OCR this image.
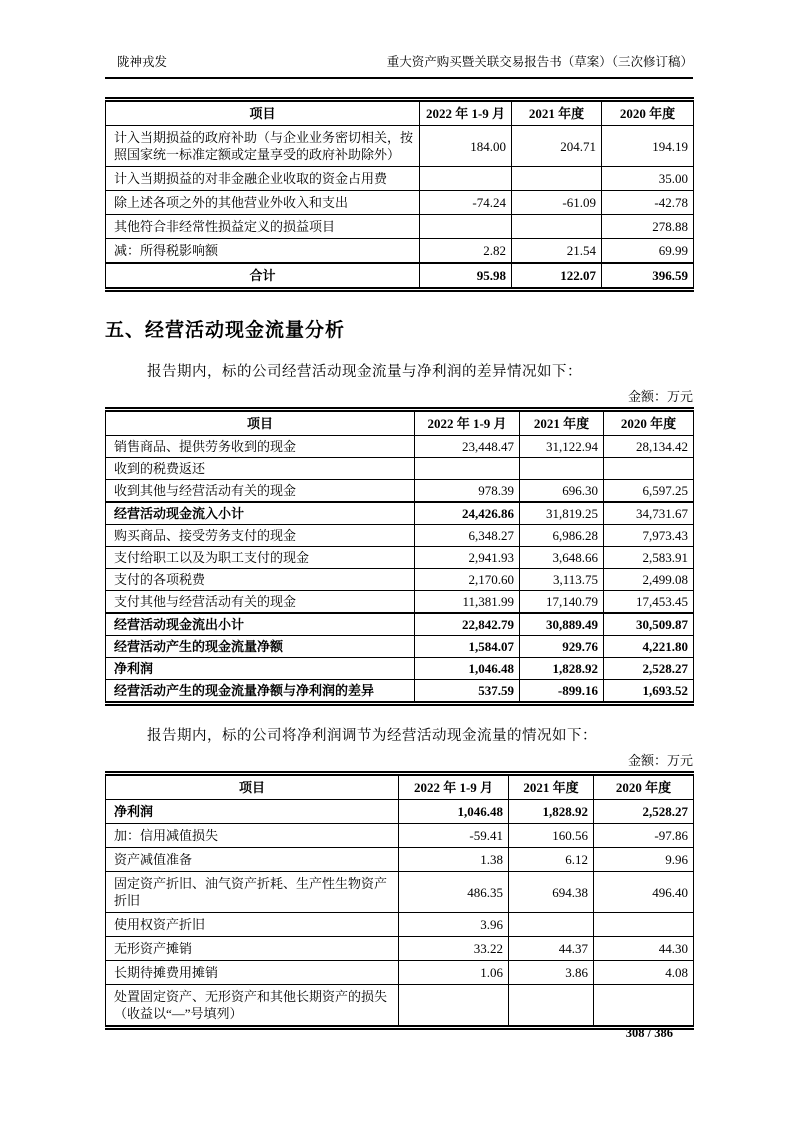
陇神戎发	重大资产购买暨关联交易报告书（草案）（三次修订稿）
项目	2022 年 1-9 月	2021 年度	2020 年度
计入当期损益的政府补助（与企业业务密切相关，按照国家统一标准定额或定量享受的政府补助除外）	184.00	204.71	194.19
计入当期损益的对非金融企业收取的资金占用费			35.00
除上述各项之外的其他营业外收入和支出	-74.24	-61.09	-42.78
其他符合非经常性损益定义的损益项目			278.88
减：所得税影响额	2.82	21.54	69.99
合计	95.98	122.07	396.59
五、经营活动现金流量分析
报告期内，标的公司经营活动现金流量与净利润的差异情况如下：
金额：万元
项目	2022 年 1-9 月	2021 年度	2020 年度
销售商品、提供劳务收到的现金	23,448.47	31,122.94	28,134.42
收到的税费返还			
收到其他与经营活动有关的现金	978.39	696.30	6,597.25
经营活动现金流入小计	24,426.86	31,819.25	34,731.67
购买商品、接受劳务支付的现金	6,348.27	6,986.28	7,973.43
支付给职工以及为职工支付的现金	2,941.93	3,648.66	2,583.91
支付的各项税费	2,170.60	3,113.75	2,499.08
支付其他与经营活动有关的现金	11,381.99	17,140.79	17,453.45
经营活动现金流出小计	22,842.79	30,889.49	30,509.87
经营活动产生的现金流量净额	1,584.07	929.76	4,221.80
净利润	1,046.48	1,828.92	2,528.27
经营活动产生的现金流量净额与净利润的差异	537.59	-899.16	1,693.52
报告期内，标的公司将净利润调节为经营活动现金流量的情况如下：
金额：万元
项目	2022 年 1-9 月	2021 年度	2020 年度
净利润	1,046.48	1,828.92	2,528.27
加：信用减值损失	-59.41	160.56	-97.86
资产减值准备	1.38	6.12	9.96
固定资产折旧、油气资产折耗、生产性生物资产折旧	486.35	694.38	496.40
使用权资产折旧	3.96		
无形资产摊销	33.22	44.37	44.30
长期待摊费用摊销	1.06	3.86	4.08
处置固定资产、无形资产和其他长期资产的损失（收益以“—”号填列）			
308 / 386
